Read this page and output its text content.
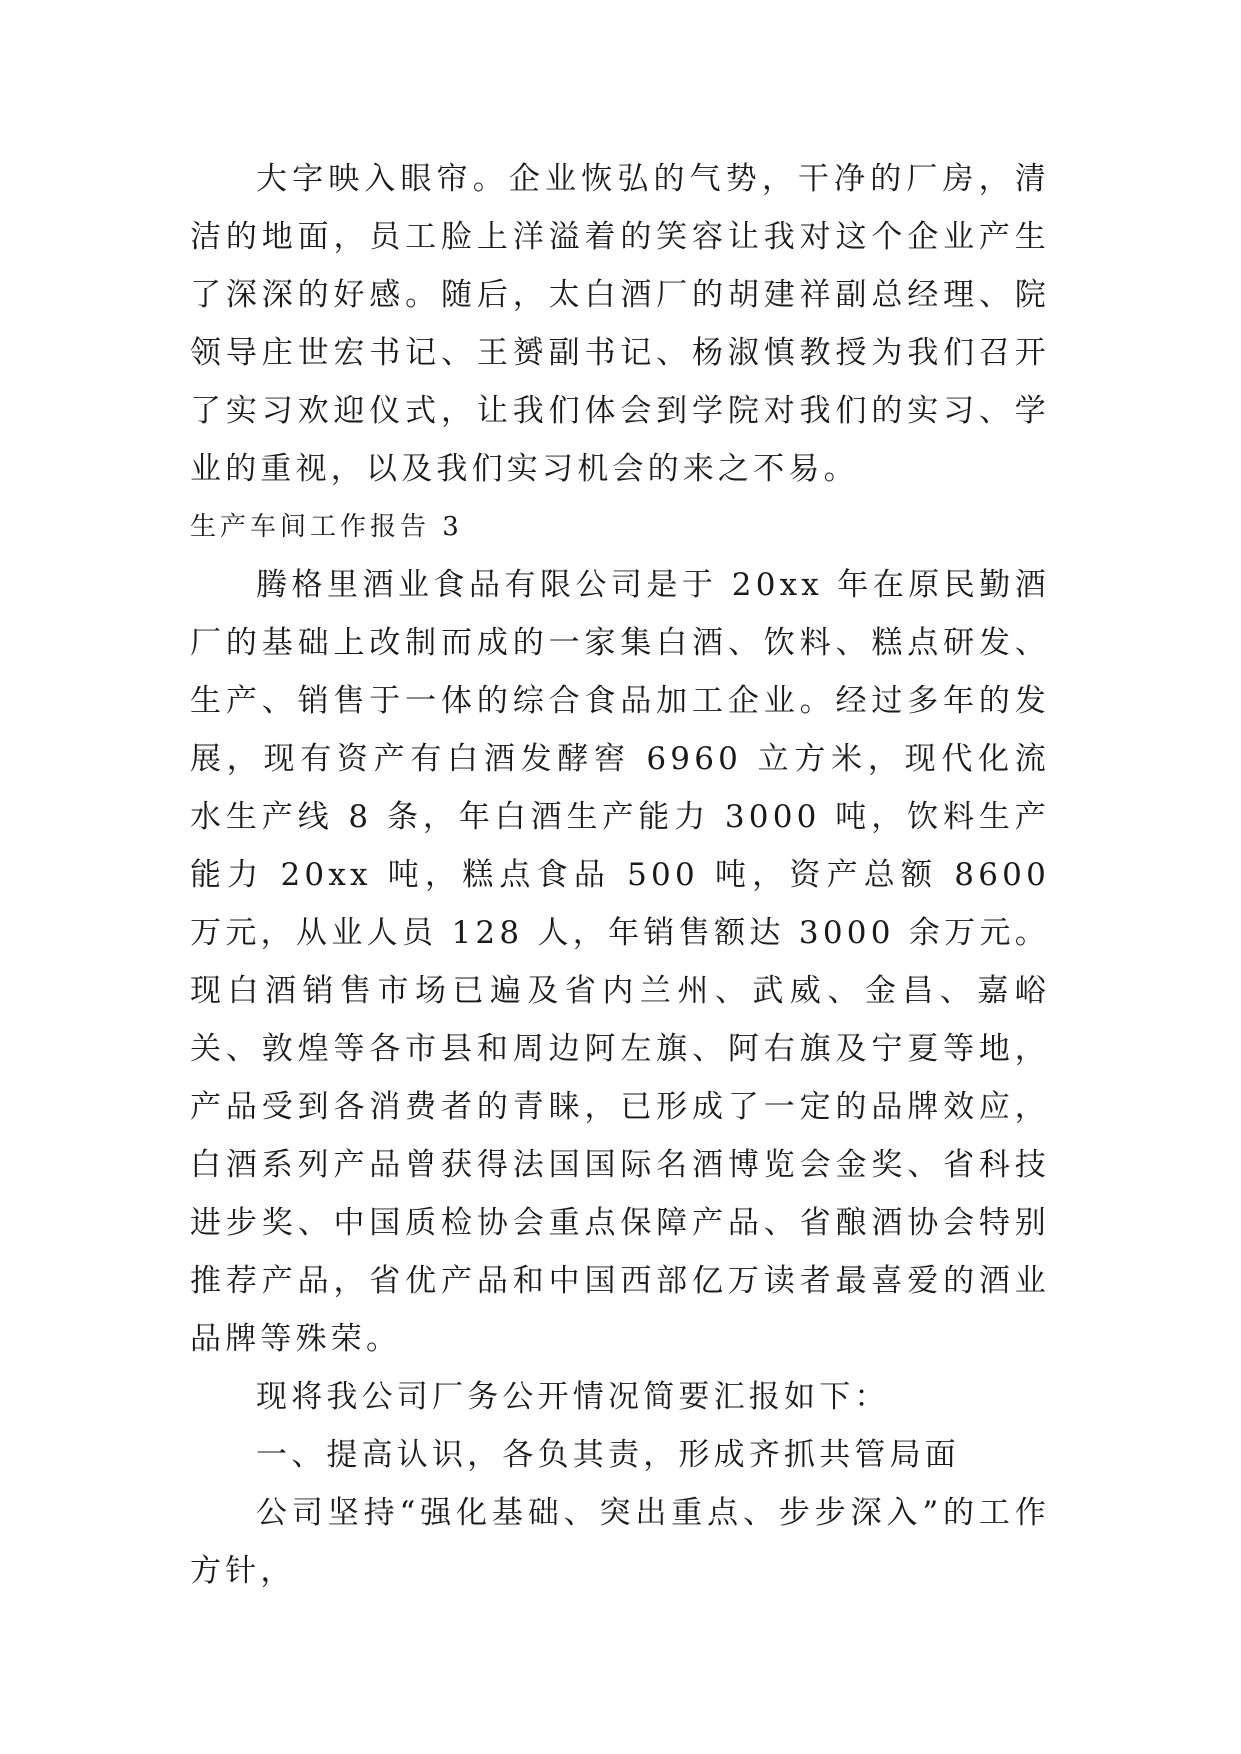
大字映入眼帘。企业恢弘的气势，干净的厂房，清洁的地面，员工脸上洋溢着的笑容让我对这个企业产生了深深的好感。随后，太白酒厂的胡建祥副总经理、院领导庄世宏书记、王赟副书记、杨淑慎教授为我们召开了实习欢迎仪式，让我们体会到学院对我们的实习、学业的重视，以及我们实习机会的来之不易。

生产车间工作报告 3

腾格里酒业食品有限公司是于 20xx 年在原民勤酒厂的基础上改制而成的一家集白酒、饮料、糕点研发、生产、销售于一体的综合食品加工企业。经过多年的发展，现有资产有白酒发酵窖 6960 立方米，现代化流水生产线 8 条，年白酒生产能力 3000 吨，饮料生产能力 20xx 吨，糕点食品 500 吨，资产总额 8600 万元，从业人员 128 人，年销售额达 3000 余万元。现白酒销售市场已遍及省内兰州、武威、金昌、嘉峪关、敦煌等各市县和周边阿左旗、阿右旗及宁夏等地，产品受到各消费者的青睐，已形成了一定的品牌效应，白酒系列产品曾获得法国国际名酒博览会金奖、省科技进步奖、中国质检协会重点保障产品、省酿酒协会特别推荐产品，省优产品和中国西部亿万读者最喜爱的酒业品牌等殊荣。

现将我公司厂务公开情况简要汇报如下：

一、提高认识，各负其责，形成齐抓共管局面

公司坚持“强化基础、突出重点、步步深入”的工作方针，
